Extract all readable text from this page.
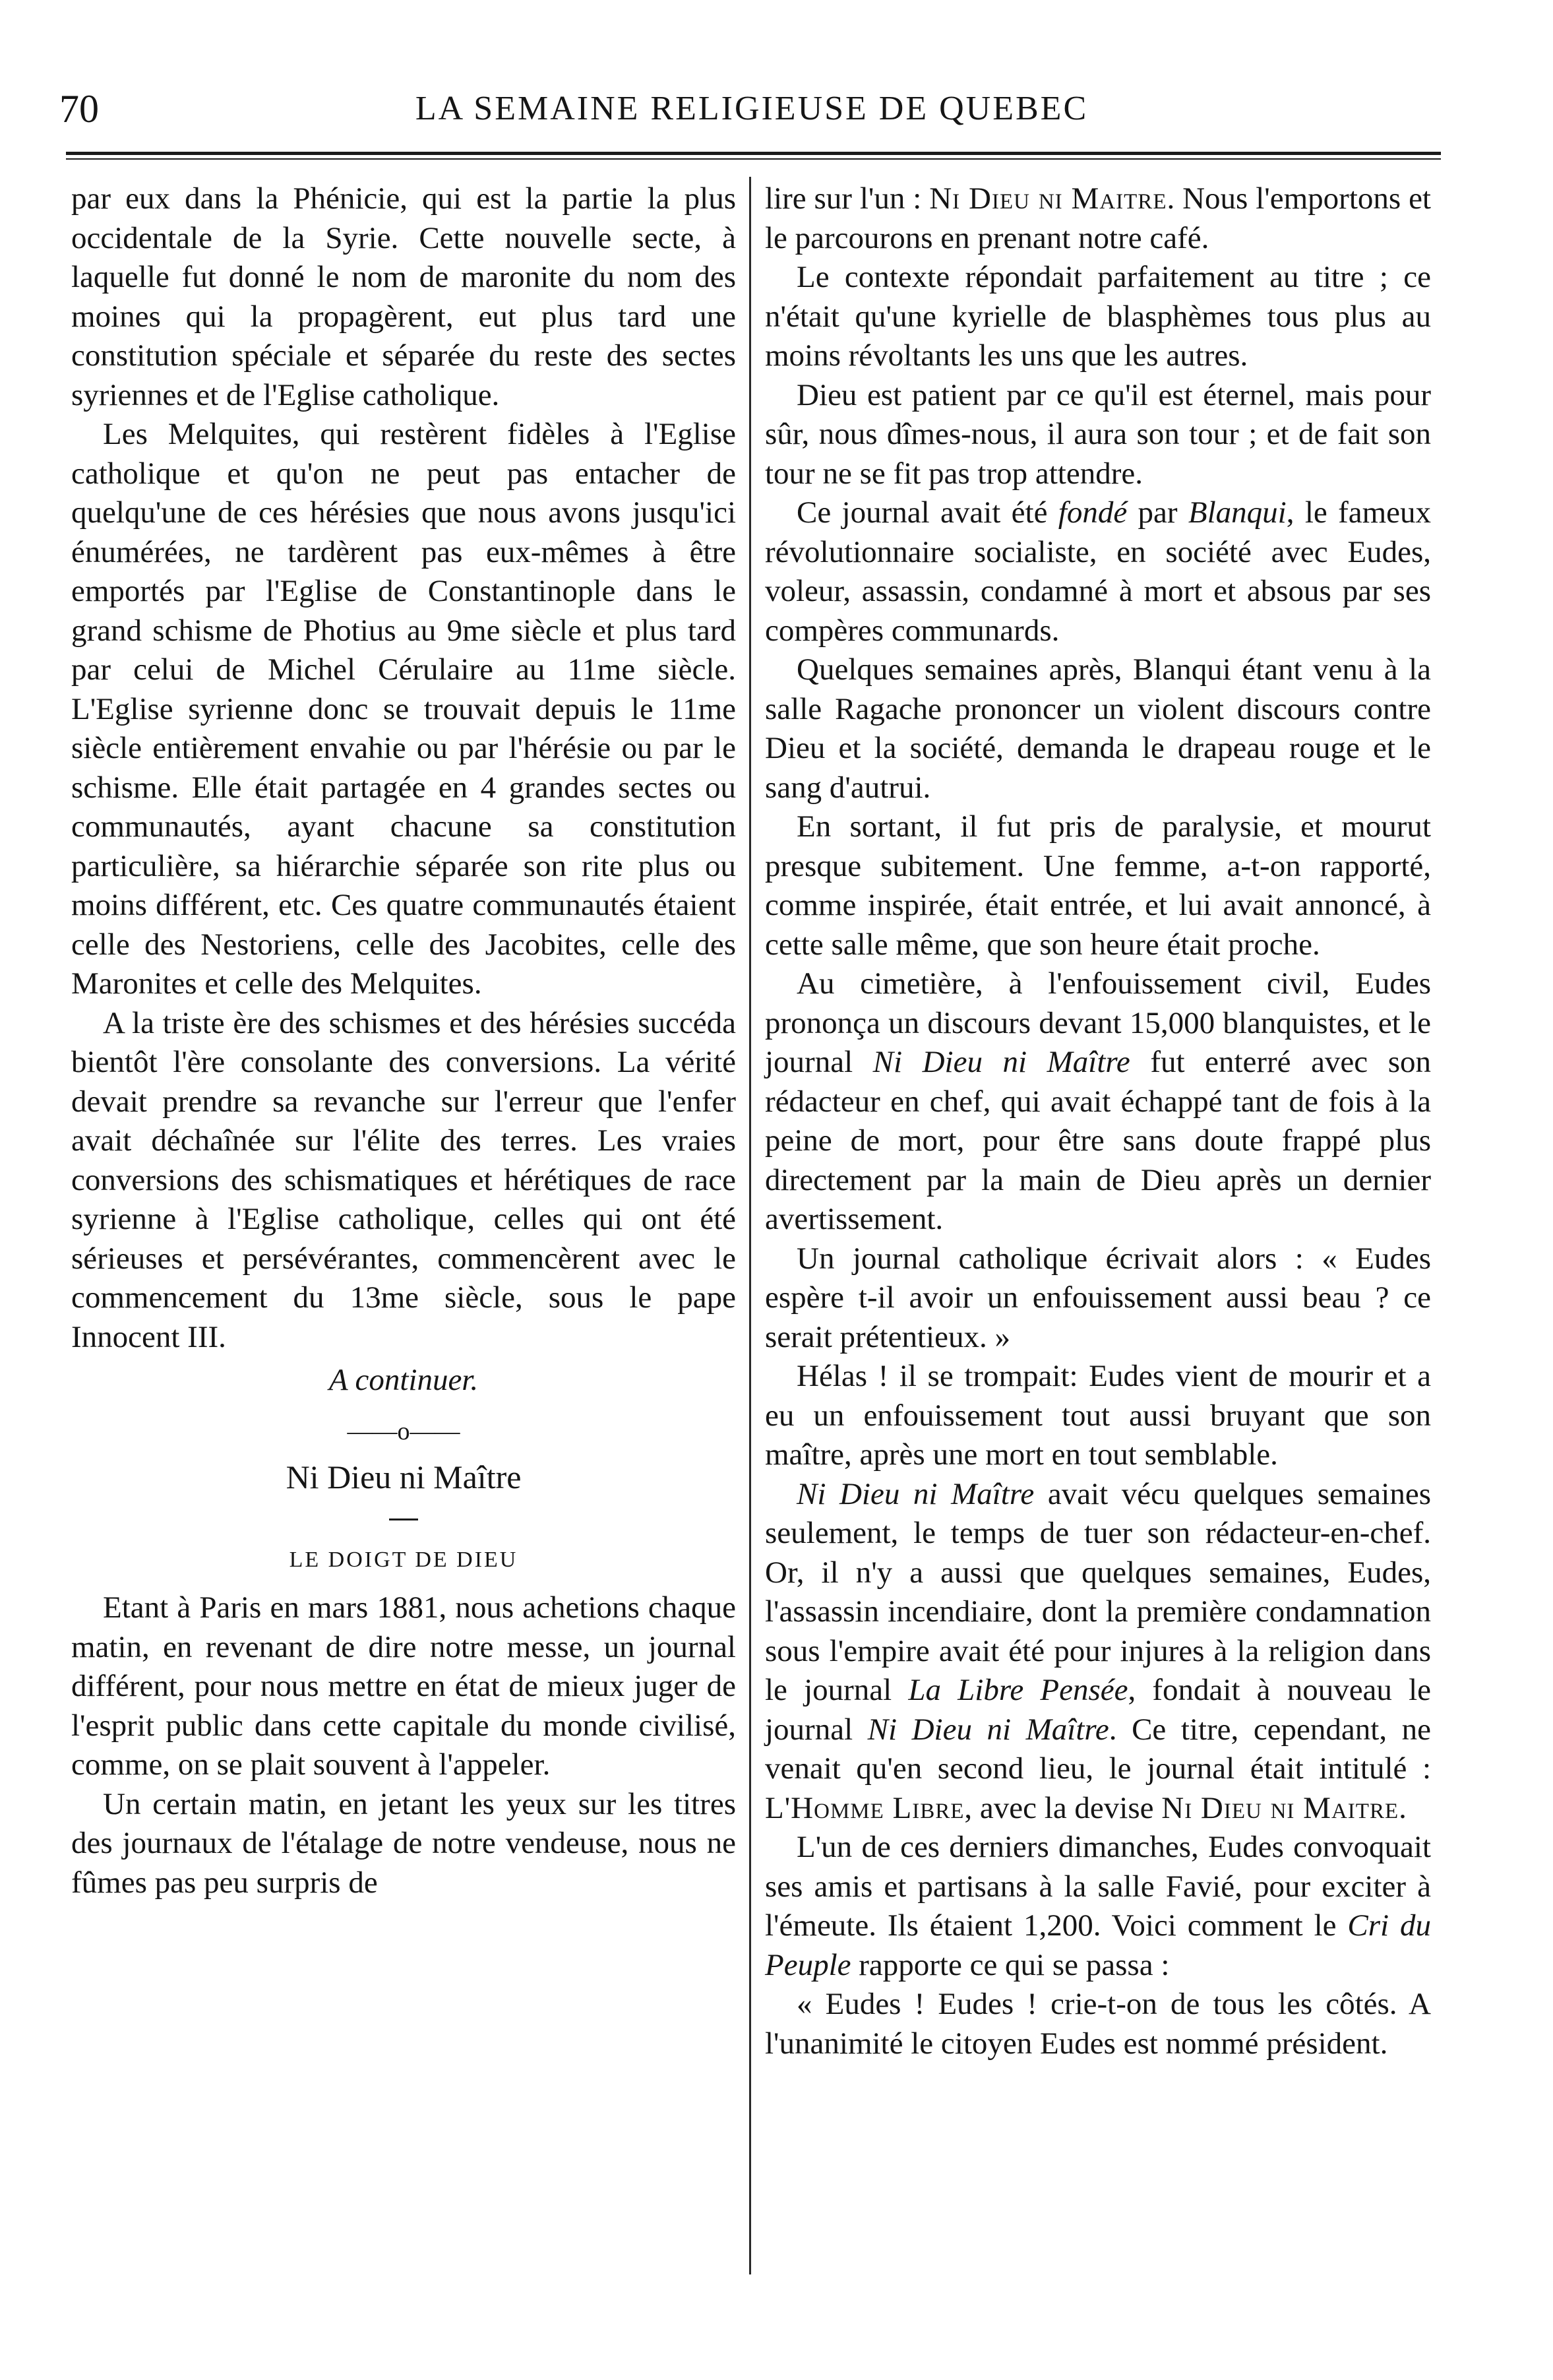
70	LA SEMAINE RELIGIEUSE DE QUEBEC

par eux dans la Phénicie, qui est la partie la plus occidentale de la Syrie. Cette nouvelle secte, à laquelle fut donné le nom de maronite du nom des moines qui la propagèrent, eut plus tard une constitution spéciale et séparée du reste des sectes syriennes et de l'Eglise catholique.

Les Melquites, qui restèrent fidèles à l'Eglise catholique et qu'on ne peut pas entacher de quelqu'une de ces hérésies que nous avons jusqu'ici énumérées, ne tardèrent pas eux-mêmes à être emportés par l'Eglise de Constantinople dans le grand schisme de Photius au 9me siècle et plus tard par celui de Michel Cérulaire au 11me siècle. L'Eglise syrienne donc se trouvait depuis le 11me siècle entièrement envahie ou par l'hérésie ou par le schisme. Elle était partagée en 4 grandes sectes ou communautés, ayant chacune sa constitution particulière, sa hiérarchie séparée son rite plus ou moins différent, etc. Ces quatre communautés étaient celle des Nestoriens, celle des Jacobites, celle des Maronites et celle des Melquites.

A la triste ère des schismes et des hérésies succéda bientôt l'ère consolante des conversions. La vérité devait prendre sa revanche sur l'erreur que l'enfer avait déchaînée sur l'élite des terres. Les vraies conversions des schismatiques et hérétiques de race syrienne à l'Eglise catholique, celles qui ont été sérieuses et persévérantes, commencèrent avec le commencement du 13me siècle, sous le pape Innocent III.

A continuer.

——o——

Ni Dieu ni Maître

LE DOIGT DE DIEU

Etant à Paris en mars 1881, nous achetions chaque matin, en revenant de dire notre messe, un journal différent, pour nous mettre en état de mieux juger de l'esprit public dans cette capitale du monde civilisé, comme, on se plait souvent à l'appeler.

Un certain matin, en jetant les yeux sur les titres des journaux de l'étalage de notre vendeuse, nous ne fûmes pas peu surpris de

lire sur l'un : Ni Dieu ni Maitre. Nous l'emportons et le parcourons en prenant notre café.

Le contexte répondait parfaitement au titre ; ce n'était qu'une kyrielle de blasphèmes tous plus au moins révoltants les uns que les autres.

Dieu est patient par ce qu'il est éternel, mais pour sûr, nous dîmes-nous, il aura son tour ; et de fait son tour ne se fit pas trop attendre.

Ce journal avait été fondé par Blanqui, le fameux révolutionnaire socialiste, en société avec Eudes, voleur, assassin, condamné à mort et absous par ses compères communards.

Quelques semaines après, Blanqui étant venu à la salle Ragache prononcer un violent discours contre Dieu et la société, demanda le drapeau rouge et le sang d'autrui.

En sortant, il fut pris de paralysie, et mourut presque subitement. Une femme, a-t-on rapporté, comme inspirée, était entrée, et lui avait annoncé, à cette salle même, que son heure était proche.

Au cimetière, à l'enfouissement civil, Eudes prononça un discours devant 15,000 blanquistes, et le journal Ni Dieu ni Maître fut enterré avec son rédacteur en chef, qui avait échappé tant de fois à la peine de mort, pour être sans doute frappé plus directement par la main de Dieu après un dernier avertissement.

Un journal catholique écrivait alors : « Eudes espère t-il avoir un enfouissement aussi beau ? ce serait prétentieux. »

Hélas ! il se trompait: Eudes vient de mourir et a eu un enfouissement tout aussi bruyant que son maître, après une mort en tout semblable.

Ni Dieu ni Maître avait vécu quelques semaines seulement, le temps de tuer son rédacteur-en-chef. Or, il n'y a aussi que quelques semaines, Eudes, l'assassin incendiaire, dont la première condamnation sous l'empire avait été pour injures à la religion dans le journal La Libre Pensée, fondait à nouveau le journal Ni Dieu ni Maître. Ce titre, cependant, ne venait qu'en second lieu, le journal était intitulé : L'Homme Libre, avec la devise Ni Dieu ni Maitre.

L'un de ces derniers dimanches, Eudes convoquait ses amis et partisans à la salle Favié, pour exciter à l'émeute. Ils étaient 1,200. Voici comment le Cri du Peuple rapporte ce qui se passa :

« Eudes ! Eudes ! crie-t-on de tous les côtés. A l'unanimité le citoyen Eudes est nommé président.
